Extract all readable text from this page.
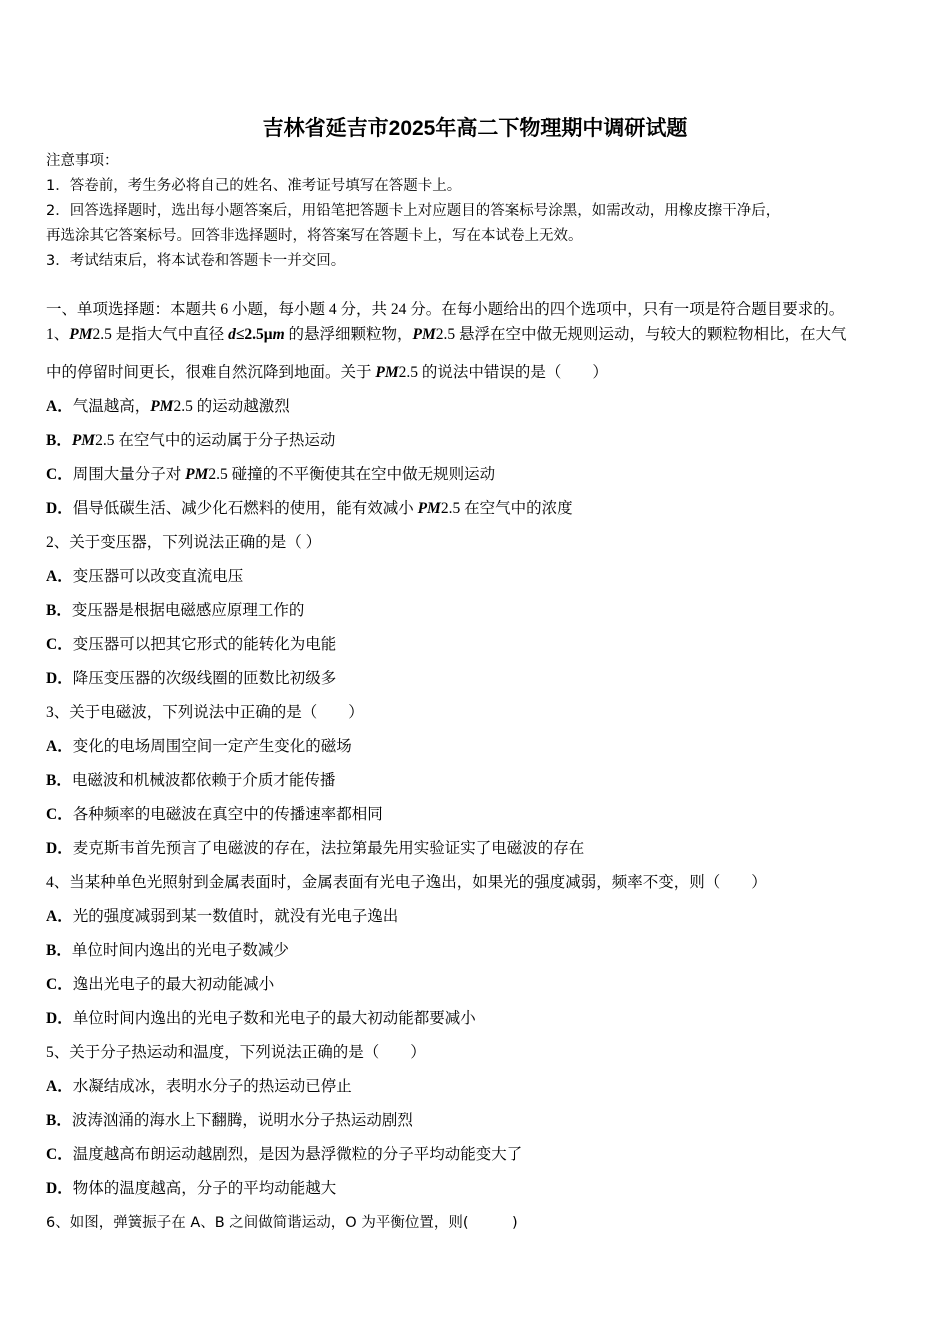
吉林省延吉市2025年高二下物理期中调研试题
注意事项：
1．答卷前，考生务必将自己的姓名、准考证号填写在答题卡上。
2．回答选择题时，选出每小题答案后，用铅笔把答题卡上对应题目的答案标号涂黑，如需改动，用橡皮擦干净后，
再选涂其它答案标号。回答非选择题时，将答案写在答题卡上，写在本试卷上无效。
3．考试结束后，将本试卷和答题卡一并交回。
一、单项选择题：本题共 6 小题，每小题 4 分，共 24 分。在每小题给出的四个选项中，只有一项是符合题目要求的。
1、PM2.5 是指大气中直径 d≤2.5μm 的悬浮细颗粒物，PM2.5 悬浮在空中做无规则运动，与较大的颗粒物相比，在大气
中的停留时间更长，很难自然沉降到地面。关于 PM2.5 的说法中错误的是（　　）
A．气温越高，PM2.5 的运动越激烈
B．PM2.5 在空气中的运动属于分子热运动
C．周围大量分子对 PM2.5 碰撞的不平衡使其在空中做无规则运动
D．倡导低碳生活、减少化石燃料的使用，能有效减小 PM2.5 在空气中的浓度
2、关于变压器，下列说法正确的是（ ）
A．变压器可以改变直流电压
B．变压器是根据电磁感应原理工作的
C．变压器可以把其它形式的能转化为电能
D．降压变压器的次级线圈的匝数比初级多
3、关于电磁波，下列说法中正确的是（　　）
A．变化的电场周围空间一定产生变化的磁场
B．电磁波和机械波都依赖于介质才能传播
C．各种频率的电磁波在真空中的传播速率都相同
D．麦克斯韦首先预言了电磁波的存在，法拉第最先用实验证实了电磁波的存在
4、当某种单色光照射到金属表面时，金属表面有光电子逸出，如果光的强度减弱，频率不变，则（　　）
A．光的强度减弱到某一数值时，就没有光电子逸出
B．单位时间内逸出的光电子数减少
C．逸出光电子的最大初动能减小
D．单位时间内逸出的光电子数和光电子的最大初动能都要减小
5、关于分子热运动和温度，下列说法正确的是（　　）
A．水凝结成冰，表明水分子的热运动已停止
B．波涛汹涌的海水上下翻腾，说明水分子热运动剧烈
C．温度越高布朗运动越剧烈，是因为悬浮微粒的分子平均动能变大了
D．物体的温度越高，分子的平均动能越大
6、如图，弹簧振子在 A、B 之间做简谐运动，O 为平衡位置，则(　　　)
